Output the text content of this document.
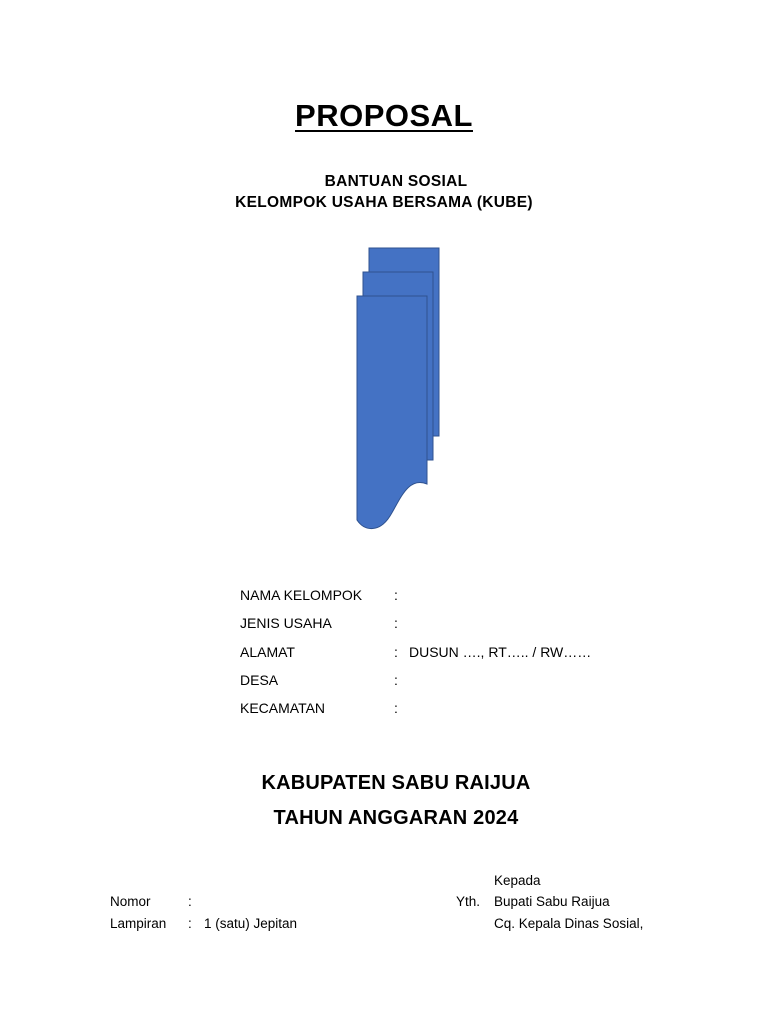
PROPOSAL
BANTUAN SOSIAL
KELOMPOK USAHA BERSAMA (KUBE)
NAMA KELOMPOK	:
JENIS USAHA	:
ALAMAT	: DUSUN …., RT….. / RW……
DESA	:
KECAMATAN	:
KABUPATEN SABU RAIJUA
TAHUN ANGGARAN 2024
Kepada
Nomor	:	Yth. Bupati Sabu Raijua
Lampiran	: 1 (satu) Jepitan	Cq. Kepala Dinas Sosial,
